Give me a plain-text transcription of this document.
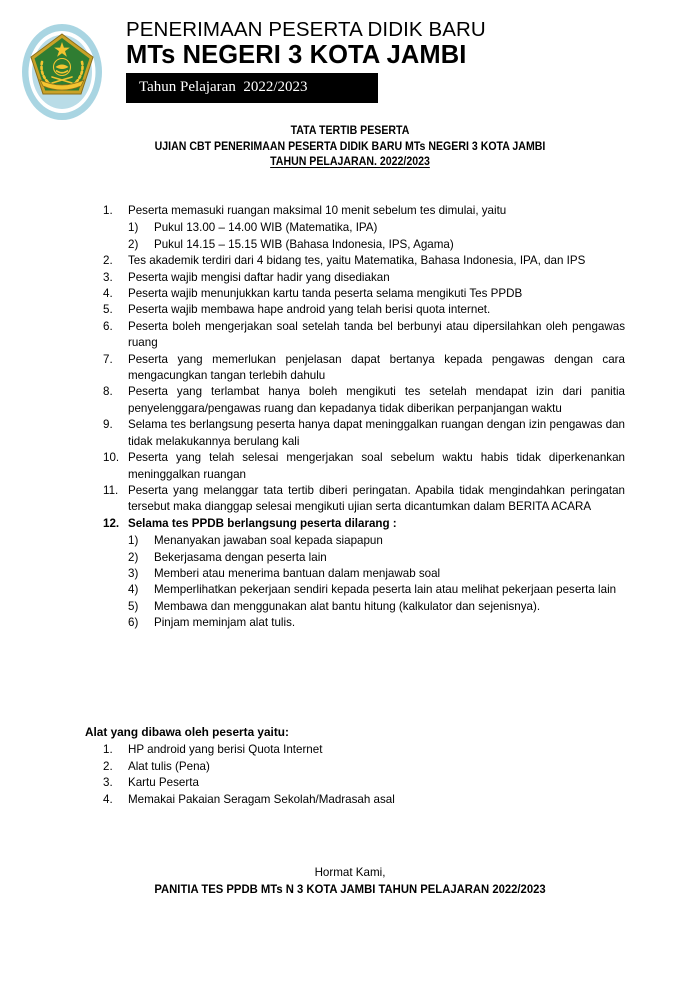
PENERIMAAN PESERTA DIDIK BARU
MTs NEGERI 3 KOTA JAMBI
Tahun Pelajaran  2022/2023
TATA TERTIB PESERTA
UJIAN CBT PENERIMAAN PESERTA DIDIK BARU MTs NEGERI 3 KOTA JAMBI
TAHUN PELAJARAN. 2022/2023
1.	Peserta memasuki ruangan maksimal 10 menit sebelum tes dimulai, yaitu
1)	Pukul 13.00 – 14.00 WIB (Matematika, IPA)
2)	Pukul 14.15 – 15.15 WIB (Bahasa Indonesia, IPS, Agama)
2.	Tes akademik terdiri dari 4 bidang tes, yaitu Matematika, Bahasa Indonesia, IPA, dan IPS
3.	Peserta wajib mengisi daftar hadir yang disediakan
4.	Peserta wajib menunjukkan kartu tanda peserta selama mengikuti Tes PPDB
5.	Peserta wajib membawa hape android yang telah berisi quota internet.
6.	Peserta boleh mengerjakan soal setelah tanda bel berbunyi atau dipersilahkan oleh pengawas ruang
7.	Peserta yang memerlukan penjelasan dapat bertanya kepada pengawas dengan cara mengacungkan tangan terlebih dahulu
8.	Peserta yang terlambat hanya boleh mengikuti tes setelah mendapat izin dari panitia penyelenggara/pengawas ruang dan kepadanya tidak diberikan perpanjangan waktu
9.	Selama tes berlangsung peserta hanya dapat meninggalkan ruangan dengan izin pengawas dan tidak melakukannya berulang kali
10. Peserta yang telah selesai mengerjakan soal sebelum waktu habis tidak diperkenankan meninggalkan ruangan
11. Peserta yang melanggar tata tertib diberi peringatan. Apabila tidak mengindahkan peringatan tersebut maka dianggap selesai mengikuti ujian serta dicantumkan dalam BERITA ACARA
12. Selama tes PPDB berlangsung peserta dilarang :
1)	Menanyakan jawaban soal kepada siapapun
2)	Bekerjasama dengan peserta lain
3)	Memberi atau menerima bantuan dalam menjawab soal
4)	Memperlihatkan pekerjaan sendiri kepada peserta lain atau melihat pekerjaan peserta lain
5)	Membawa dan menggunakan alat bantu hitung (kalkulator dan sejenisnya).
6)	Pinjam meminjam alat tulis.
Alat yang dibawa oleh peserta yaitu:
1.	HP android yang berisi Quota Internet
2.	Alat tulis (Pena)
3.	Kartu Peserta
4.	Memakai Pakaian Seragam Sekolah/Madrasah asal
Hormat Kami,
PANITIA TES PPDB MTs N 3 KOTA JAMBI TAHUN PELAJARAN 2022/2023
